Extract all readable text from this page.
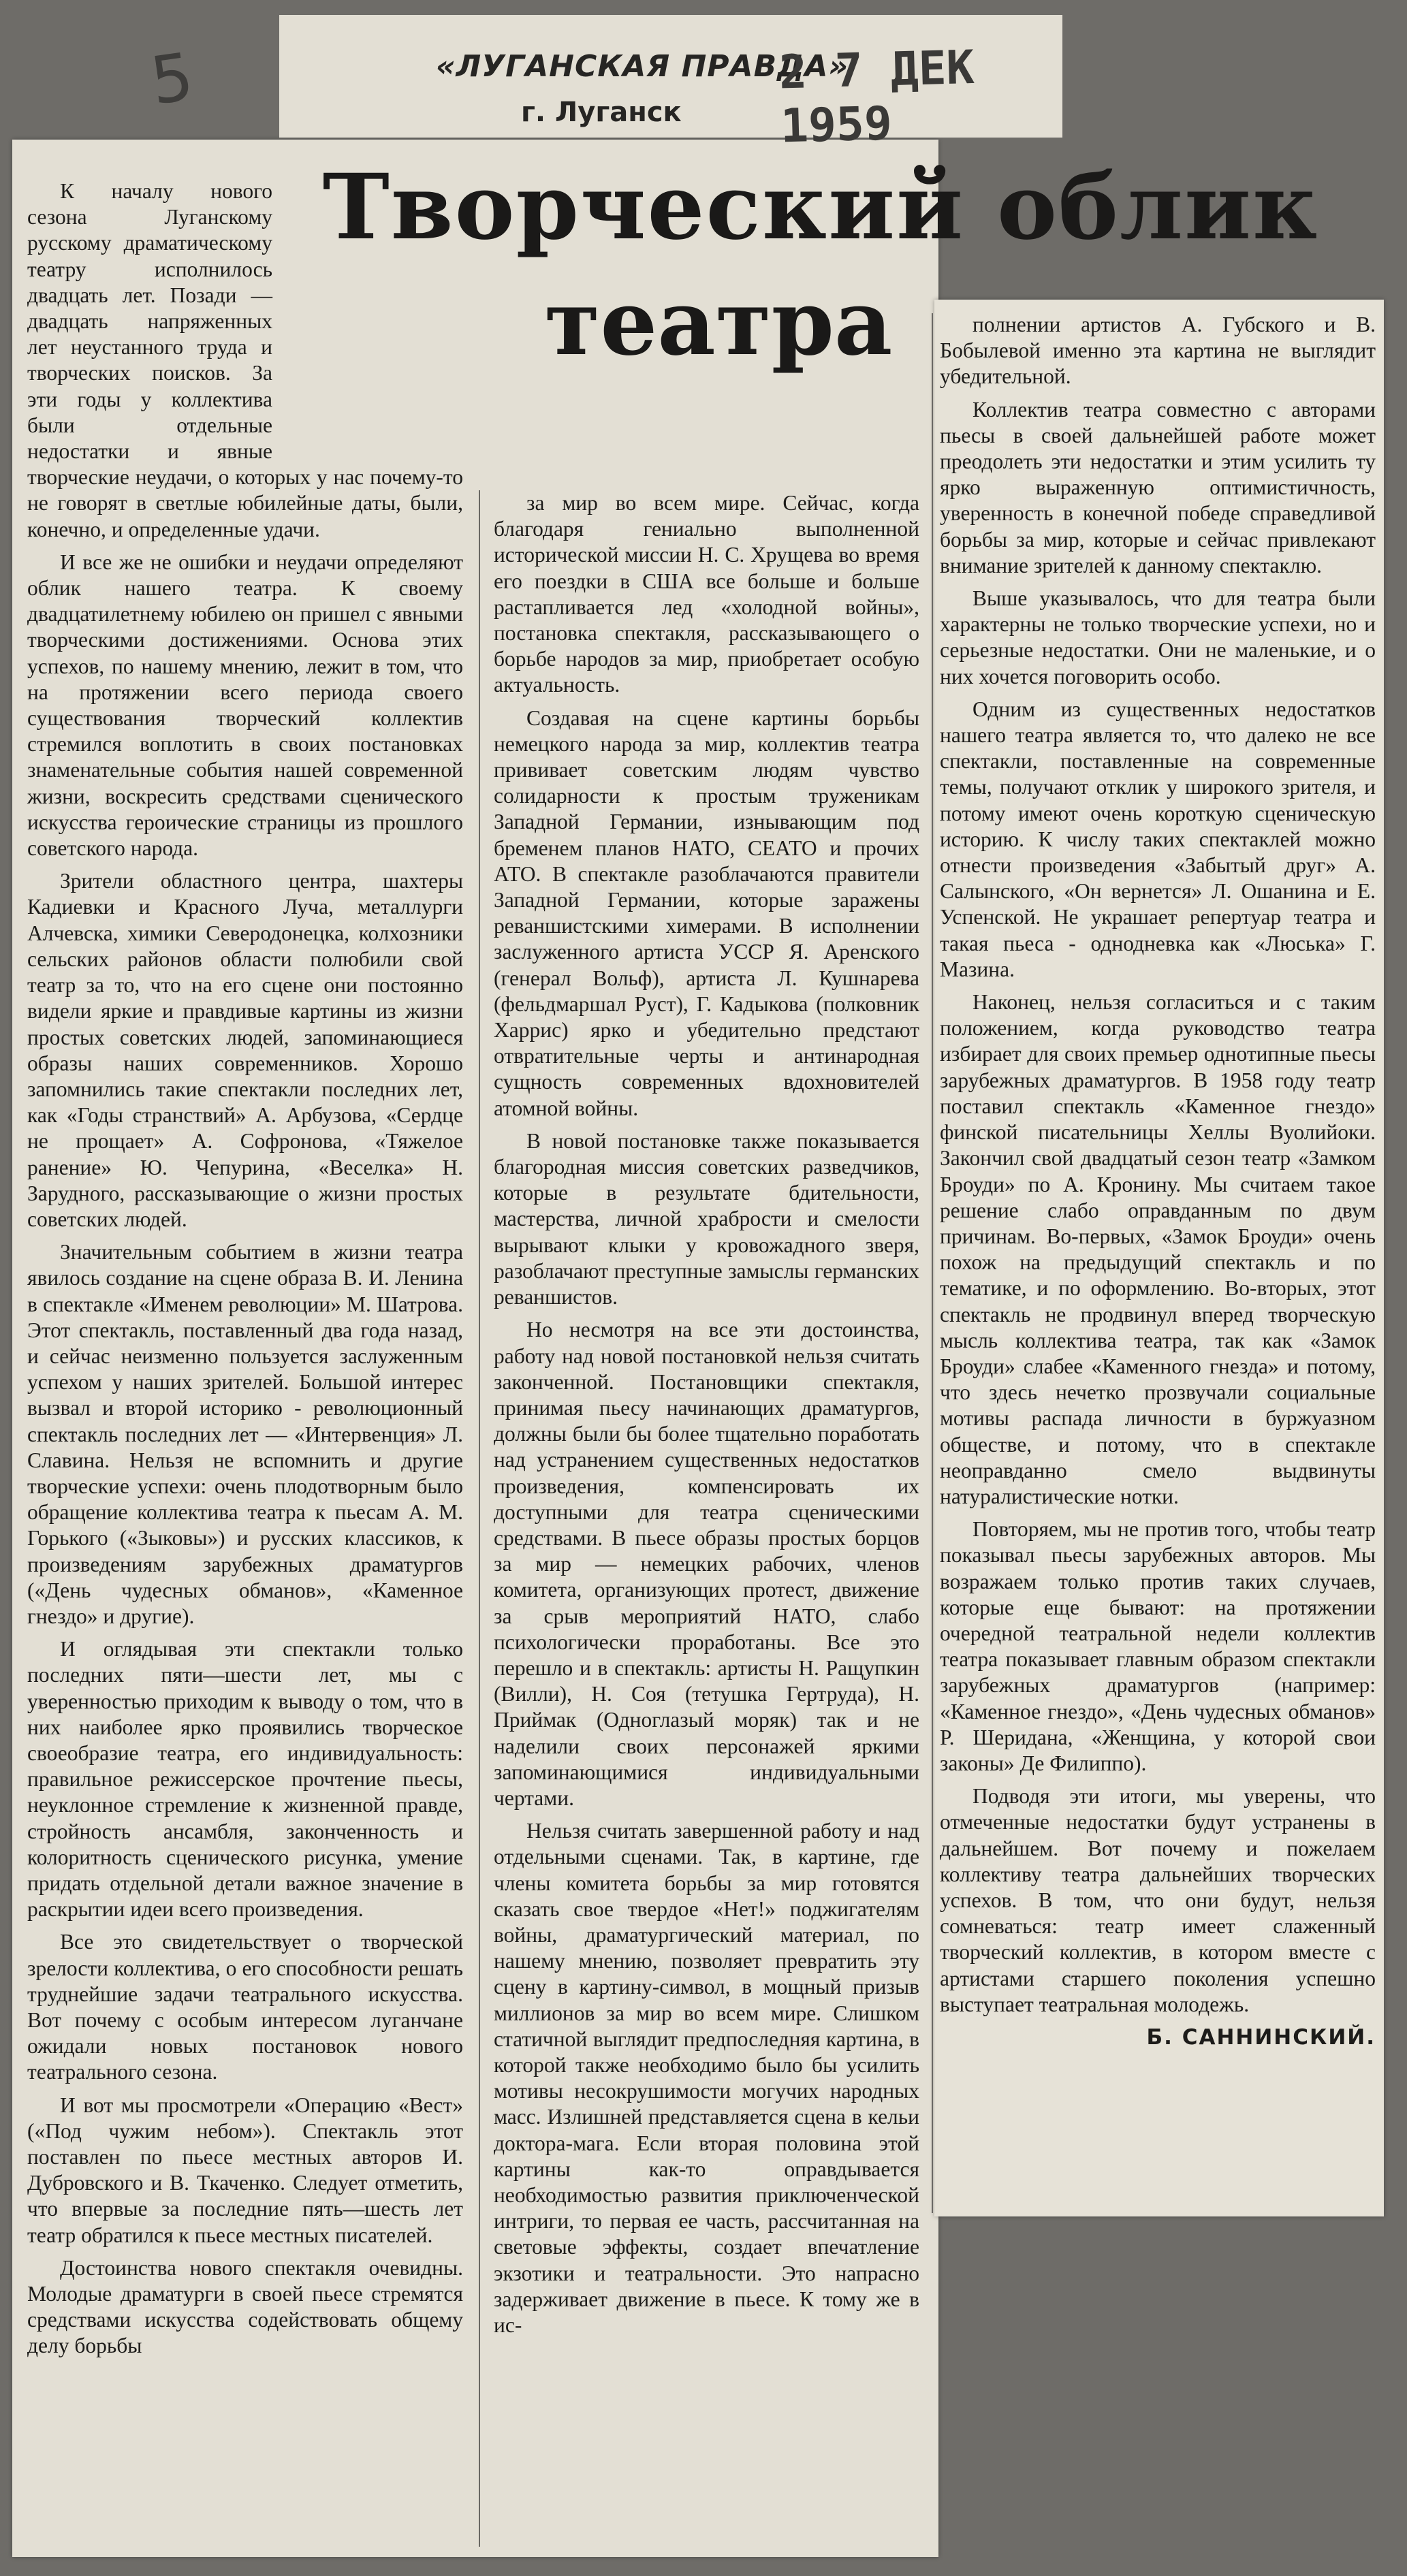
«ЛУГАНСКАЯ ПРАВДА»
г. Луганск
2 7 ДЕК 1959
5
Творческий облик
театра

К началу нового сезона Луганскому русскому драматическому театру исполнилось двадцать лет. Позади — двадцать напряженных лет неустанного труда и творческих поисков. За эти годы у коллектива были отдельные недостатки и явные творческие неудачи, о которых у нас почему-то не говорят в светлые юбилейные даты, были, конечно, и определенные удачи.

И все же не ошибки и неудачи определяют облик нашего театра. К своему двадцатилетнему юбилею он пришел с явными творческими достижениями. Основа этих успехов, по нашему мнению, лежит в том, что на протяжении всего периода своего существования творческий коллектив стремился воплотить в своих постановках знаменательные события нашей современной жизни, воскресить средствами сценического искусства героические страницы из прошлого советского народа.

Зрители областного центра, шахтеры Кадиевки и Красного Луча, металлурги Алчевска, химики Северодонецка, колхозники сельских районов области полюбили свой театр за то, что на его сцене они постоянно видели яркие и правдивые картины из жизни простых советских людей, запоминающиеся образы наших современников. Хорошо запомнились такие спектакли последних лет, как «Годы странствий» А. Арбузова, «Сердце не прощает» А. Софронова, «Тяжелое ранение» Ю. Чепурина, «Веселка» Н. Зарудного, рассказывающие о жизни простых советских людей.

Значительным событием в жизни театра явилось создание на сцене образа В. И. Ленина в спектакле «Именем революции» М. Шатрова. Этот спектакль, поставленный два года назад, и сейчас неизменно пользуется заслуженным успехом у наших зрителей. Большой интерес вызвал и второй историко - революционный спектакль последних лет — «Интервенция» Л. Славина. Нельзя не вспомнить и другие творческие успехи: очень плодотворным было обращение коллектива театра к пьесам А. М. Горького («Зыковы») и русских классиков, к произведениям зарубежных драматургов («День чудесных обманов», «Каменное гнездо» и другие).

И оглядывая эти спектакли только последних пяти—шести лет, мы с уверенностью приходим к выводу о том, что в них наиболее ярко проявились творческое своеобразие театра, его индивидуальность: правильное режиссерское прочтение пьесы, неуклонное стремление к жизненной правде, стройность ансамбля, законченность и колоритность сценического рисунка, умение придать отдельной детали важное значение в раскрытии идеи всего произведения.

Все это свидетельствует о творческой зрелости коллектива, о его способности решать труднейшие задачи театрального искусства. Вот почему с особым интересом луганчане ожидали новых постановок нового театрального сезона.

И вот мы просмотрели «Операцию «Вест» («Под чужим небом»). Спектакль этот поставлен по пьесе местных авторов И. Дубровского и В. Ткаченко. Следует отметить, что впервые за последние пять—шесть лет театр обратился к пьесе местных писателей.

Достоинства нового спектакля очевидны. Молодые драматурги в своей пьесе стремятся средствами искусства содействовать общему делу борьбы

за мир во всем мире. Сейчас, когда благодаря гениально выполненной исторической миссии Н. С. Хрущева во время его поездки в США все больше и больше растапливается лед «холодной войны», постановка спектакля, рассказывающего о борьбе народов за мир, приобретает особую актуальность.

Создавая на сцене картины борьбы немецкого народа за мир, коллектив театра прививает советским людям чувство солидарности к простым труженикам Западной Германии, изнывающим под бременем планов НАТО, СЕАТО и прочих АТО. В спектакле разоблачаются правители Западной Германии, которые заражены реваншистскими химерами. В исполнении заслуженного артиста УССР Я. Аренского (генерал Вольф), артиста Л. Кушнарева (фельдмаршал Руст), Г. Кадыкова (полковник Харрис) ярко и убедительно предстают отвратительные черты и антинародная сущность современных вдохновителей атомной войны.

В новой постановке также показывается благородная миссия советских разведчиков, которые в результате бдительности, мастерства, личной храбрости и смелости вырывают клыки у кровожадного зверя, разоблачают преступные замыслы германских реваншистов.

Но несмотря на все эти достоинства, работу над новой постановкой нельзя считать законченной. Постановщики спектакля, принимая пьесу начинающих драматургов, должны были бы более тщательно поработать над устранением существенных недостатков произведения, компенсировать их доступными для театра сценическими средствами. В пьесе образы простых борцов за мир — немецких рабочих, членов комитета, организующих протест, движение за срыв мероприятий НАТО, слабо психологически проработаны. Все это перешло и в спектакль: артисты Н. Ращупкин (Вилли), Н. Соя (тетушка Гертруда), Н. Приймак (Одноглазый моряк) так и не наделили своих персонажей яркими запоминающимися индивидуальными чертами.

Нельзя считать завершенной работу и над отдельными сценами. Так, в картине, где члены комитета борьбы за мир готовятся сказать свое твердое «Нет!» поджигателям войны, драматургический материал, по нашему мнению, позволяет превратить эту сцену в картину-символ, в мощный призыв миллионов за мир во всем мире. Слишком статичной выглядит предпоследняя картина, в которой также необходимо было бы усилить мотивы несокрушимости могучих народных масс. Излишней представляется сцена в кельи доктора-мага. Если вторая половина этой картины как-то оправдывается необходимостью развития приключенческой интриги, то первая ее часть, рассчитанная на световые эффекты, создает впечатление экзотики и театральности. Это напрасно задерживает движение в пьесе. К тому же в ис-

полнении артистов А. Губского и В. Бобылевой именно эта картина не выглядит убедительной.

Коллектив театра совместно с авторами пьесы в своей дальнейшей работе может преодолеть эти недостатки и этим усилить ту ярко выраженную оптимистичность, уверенность в конечной победе справедливой борьбы за мир, которые и сейчас привлекают внимание зрителей к данному спектаклю.

Выше указывалось, что для театра были характерны не только творческие успехи, но и серьезные недостатки. Они не маленькие, и о них хочется поговорить особо.

Одним из существенных недостатков нашего театра является то, что далеко не все спектакли, поставленные на современные темы, получают отклик у широкого зрителя, и потому имеют очень короткую сценическую историю. К числу таких спектаклей можно отнести произведения «Забытый друг» А. Салынского, «Он вернется» Л. Ошанина и Е. Успенской. Не украшает репертуар театра и такая пьеса - однодневка как «Люська» Г. Мазина.

Наконец, нельзя согласиться и с таким положением, когда руководство театра избирает для своих премьер однотипные пьесы зарубежных драматургов. В 1958 году театр поставил спектакль «Каменное гнездо» финской писательницы Хеллы Вуолийоки. Закончил свой двадцатый сезон театр «Замком Броуди» по А. Кронину. Мы считаем такое решение слабо оправданным по двум причинам. Во-первых, «Замок Броуди» очень похож на предыдущий спектакль и по тематике, и по оформлению. Во-вторых, этот спектакль не продвинул вперед творческую мысль коллектива театра, так как «Замок Броуди» слабее «Каменного гнезда» и потому, что здесь нечетко прозвучали социальные мотивы распада личности в буржуазном обществе, и потому, что в спектакле неоправданно смело выдвинуты натуралистические нотки.

Повторяем, мы не против того, чтобы театр показывал пьесы зарубежных авторов. Мы возражаем только против таких случаев, которые еще бывают: на протяжении очередной театральной недели коллектив театра показывает главным образом спектакли зарубежных драматургов (например: «Каменное гнездо», «День чудесных обманов» Р. Шеридана, «Женщина, у которой свои законы» Де Филиппо).

Подводя эти итоги, мы уверены, что отмеченные недостатки будут устранены в дальнейшем. Вот почему и пожелаем коллективу театра дальнейших творческих успехов. В том, что они будут, нельзя сомневаться: театр имеет слаженный творческий коллектив, в котором вместе с артистами старшего поколения успешно выступает театральная молодежь.

Б. САННИНСКИЙ.
